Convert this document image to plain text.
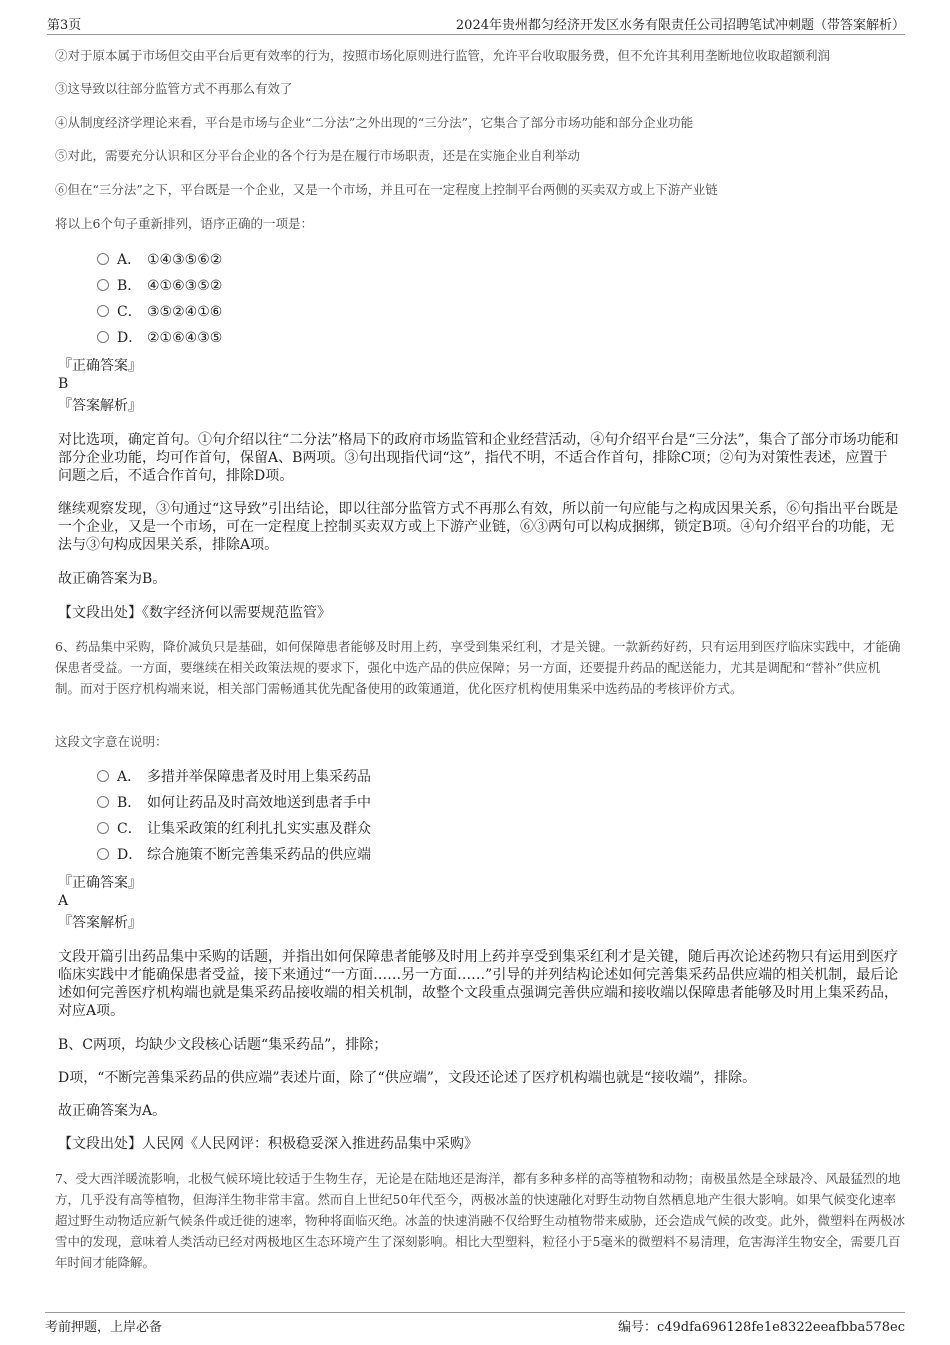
第3页	2024年贵州都匀经济开发区水务有限责任公司招聘笔试冲刺题（带答案解析）
②对于原本属于市场但交由平台后更有效率的行为，按照市场化原则进行监管，允许平台收取服务费，但不允许其利用垄断地位收取超额利润
③这导致以往部分监管方式不再那么有效了
④从制度经济学理论来看，平台是市场与企业“二分法”之外出现的“三分法”，它集合了部分市场功能和部分企业功能
⑤对此，需要充分认识和区分平台企业的各个行为是在履行市场职责，还是在实施企业自利举动
⑥但在“三分法”之下，平台既是一个企业，又是一个市场，并且可在一定程度上控制平台两侧的买卖双方或上下游产业链
将以上6个句子重新排列，语序正确的一项是：
A． ①④③⑤⑥②
B． ④①⑥③⑤②
C． ③⑤②④①⑥
D． ②①⑥④③⑤
『正确答案』
B
『答案解析』
对比选项，确定首句。①句介绍以往“二分法”格局下的政府市场监管和企业经营活动，④句介绍平台是“三分法”，集合了部分市场功能和部分企业功能，均可作首句，保留A、B两项。③句出现指代词“这”，指代不明，不适合作首句，排除C项；②句为对策性表述，应置于问题之后，不适合作首句，排除D项。
继续观察发现，③句通过“这导致”引出结论，即以往部分监管方式不再那么有效，所以前一句应能与之构成因果关系，⑥句指出平台既是一个企业，又是一个市场，可在一定程度上控制买卖双方或上下游产业链，⑥③两句可以构成捆绑，锁定B项。④句介绍平台的功能，无法与③句构成因果关系，排除A项。
故正确答案为B。
【文段出处】《数字经济何以需要规范监管》
6、药品集中采购，降价减负只是基础，如何保障患者能够及时用上药，享受到集采红利，才是关键。一款新药好药，只有运用到医疗临床实践中，才能确保患者受益。一方面，要继续在相关政策法规的要求下，强化中选产品的供应保障；另一方面，还要提升药品的配送能力，尤其是调配和“替补”供应机制。而对于医疗机构端来说，相关部门需畅通其优先配备使用的政策通道，优化医疗机构使用集采中选药品的考核评价方式。
这段文字意在说明：
A． 多措并举保障患者及时用上集采药品
B． 如何让药品及时高效地送到患者手中
C． 让集采政策的红利扎扎实实惠及群众
D． 综合施策不断完善集采药品的供应端
『正确答案』
A
『答案解析』
文段开篇引出药品集中采购的话题，并指出如何保障患者能够及时用上药并享受到集采红利才是关键，随后再次论述药物只有运用到医疗临床实践中才能确保患者受益，接下来通过“一方面……另一方面……”引导的并列结构论述如何完善集采药品供应端的相关机制，最后论述如何完善医疗机构端也就是集采药品接收端的相关机制，故整个文段重点强调完善供应端和接收端以保障患者能够及时用上集采药品，对应A项。
B、C两项，均缺少文段核心话题“集采药品”，排除；
D项，“不断完善集采药品的供应端”表述片面，除了“供应端”，文段还论述了医疗机构端也就是“接收端”，排除。
故正确答案为A。
【文段出处】人民网《人民网评：积极稳妥深入推进药品集中采购》
7、受大西洋暖流影响，北极气候环境比较适于生物生存，无论是在陆地还是海洋，都有多种多样的高等植物和动物；南极虽然是全球最冷、风最猛烈的地方，几乎没有高等植物，但海洋生物非常丰富。然而自上世纪50年代至今，两极冰盖的快速融化对野生动物自然栖息地产生很大影响。如果气候变化速率超过野生动物适应新气候条件或迁徙的速率，物种将面临灭绝。冰盖的快速消融不仅给野生动植物带来威胁，还会造成气候的改变。此外，微塑料在两极冰雪中的发现，意味着人类活动已经对两极地区生态环境产生了深刻影响。相比大型塑料，粒径小于5毫米的微塑料不易清理，危害海洋生物安全，需要几百年时间才能降解。
考前押题，上岸必备	编号：c49dfa696128fe1e8322eeafbba578ec
